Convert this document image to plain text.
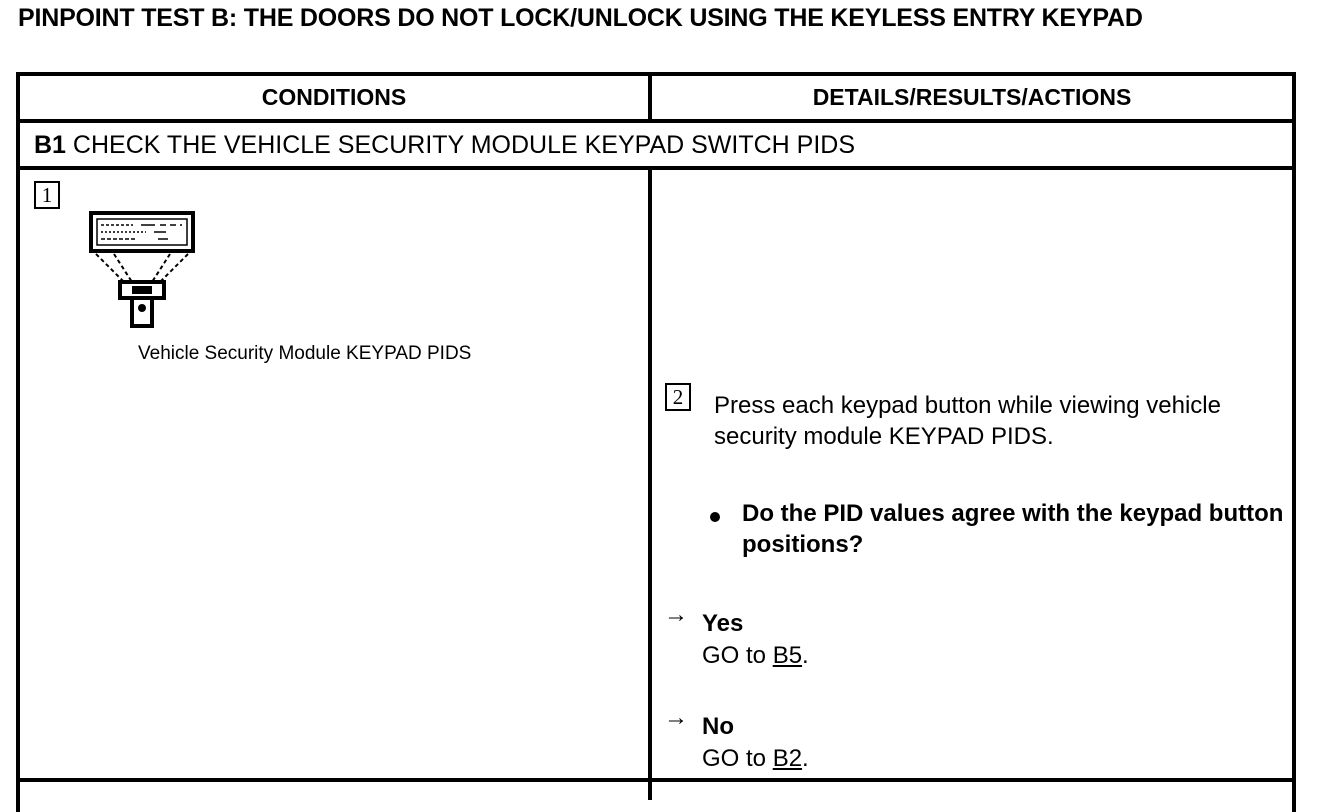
PINPOINT TEST B: THE DOORS DO NOT LOCK/UNLOCK USING THE KEYLESS ENTRY KEYPAD
CONDITIONS	DETAILS/RESULTS/ACTIONS
B1 CHECK THE VEHICLE SECURITY MODULE KEYPAD SWITCH PIDS
1
Vehicle Security Module KEYPAD PIDS
2	Press each keypad button while viewing vehicle security module KEYPAD PIDS.
Do the PID values agree with the keypad button positions?
→ Yes
GO to B5.
→ No
GO to B2.
